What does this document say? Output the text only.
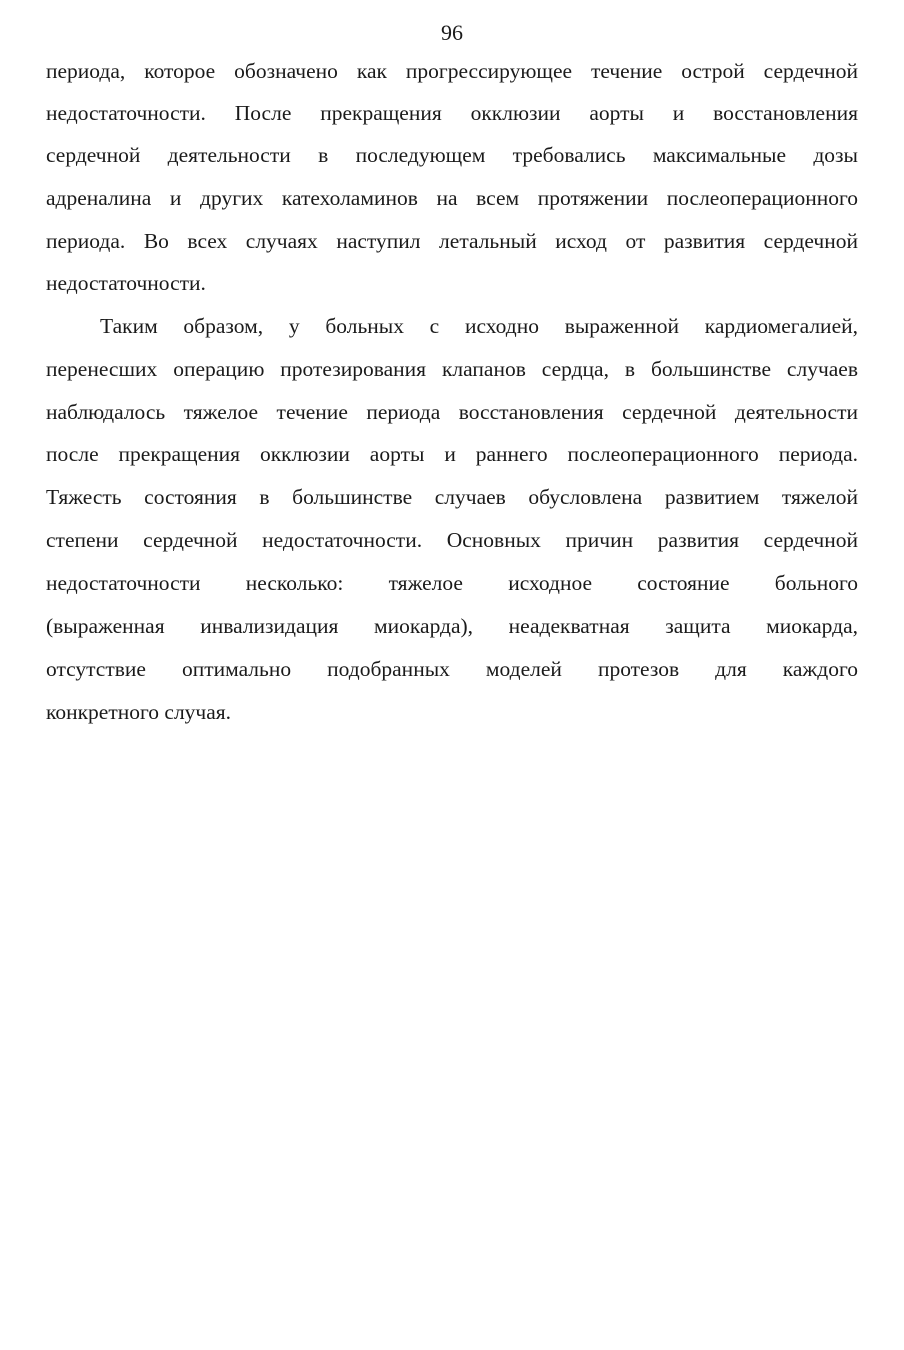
96
периода, которое обозначено как прогрессирующее течение острой сердечной
недостаточности. После прекращения окклюзии аорты и восстановления
сердечной деятельности в последующем требовались максимальные дозы
адреналина и других катехоламинов на всем протяжении послеоперационного
периода. Во всех случаях наступил летальный исход от развития сердечной
недостаточности.
Таким образом, у больных с исходно выраженной кардиомегалией,
перенесших операцию протезирования клапанов сердца, в большинстве случаев
наблюдалось тяжелое течение периода восстановления сердечной деятельности
после прекращения окклюзии аорты и раннего послеоперационного периода.
Тяжесть состояния в большинстве случаев обусловлена развитием тяжелой
степени сердечной недостаточности. Основных причин развития сердечной
недостаточности несколько: тяжелое исходное состояние больного
(выраженная инвализидация миокарда), неадекватная защита миокарда,
отсутствие оптимально подобранных моделей протезов для каждого
конкретного случая.
